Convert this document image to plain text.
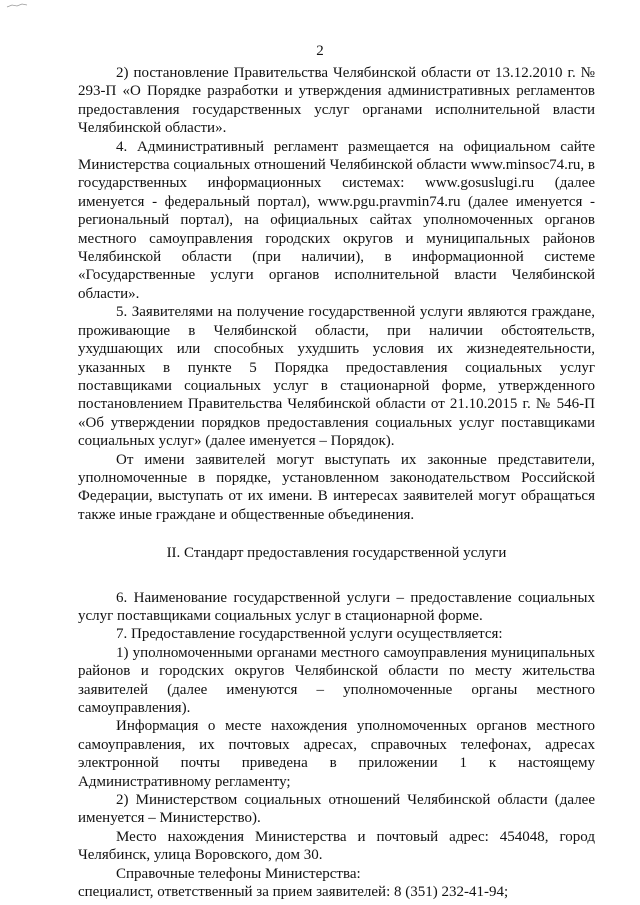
2

2) постановление Правительства Челябинской области от 13.12.2010 г. № 293-П «О Порядке разработки и утверждения административных регламентов предоставления государственных услуг органами исполнительной власти Челябинской области».

4. Административный регламент размещается на официальном сайте Министерства социальных отношений Челябинской области www.minsoc74.ru, в государственных информационных системах: www.gosuslugi.ru (далее именуется - федеральный портал), www.pgu.pravmin74.ru (далее именуется - региональный портал), на официальных сайтах уполномоченных органов местного самоуправления городских округов и муниципальных районов Челябинской области (при наличии), в информационной системе «Государственные услуги органов исполнительной власти Челябинской области».

5. Заявителями на получение государственной услуги являются граждане, проживающие в Челябинской области, при наличии обстоятельств, ухудшающих или способных ухудшить условия их жизнедеятельности, указанных в пункте 5 Порядка предоставления социальных услуг поставщиками социальных услуг в стационарной форме, утвержденного постановлением Правительства Челябинской области от 21.10.2015 г. № 546-П «Об утверждении порядков предоставления социальных услуг поставщиками социальных услуг» (далее именуется – Порядок).

От имени заявителей могут выступать их законные представители, уполномоченные в порядке, установленном законодательством Российской Федерации, выступать от их имени. В интересах заявителей могут обращаться также иные граждане и общественные объединения.

II. Стандарт предоставления государственной услуги

6. Наименование государственной услуги – предоставление социальных услуг поставщиками социальных услуг в стационарной форме.

7. Предоставление государственной услуги осуществляется:

1) уполномоченными органами местного самоуправления муниципальных районов и городских округов Челябинской области по месту жительства заявителей (далее именуются – уполномоченные органы местного самоуправления).

Информация о месте нахождения уполномоченных органов местного самоуправления, их почтовых адресах, справочных телефонах, адресах электронной почты приведена в приложении 1 к настоящему Административному регламенту;

2) Министерством социальных отношений Челябинской области (далее именуется – Министерство).

Место нахождения Министерства и почтовый адрес: 454048, город Челябинск, улица Воровского, дом 30.

Справочные телефоны Министерства:

специалист, ответственный за прием заявителей: 8 (351) 232-41-94;
